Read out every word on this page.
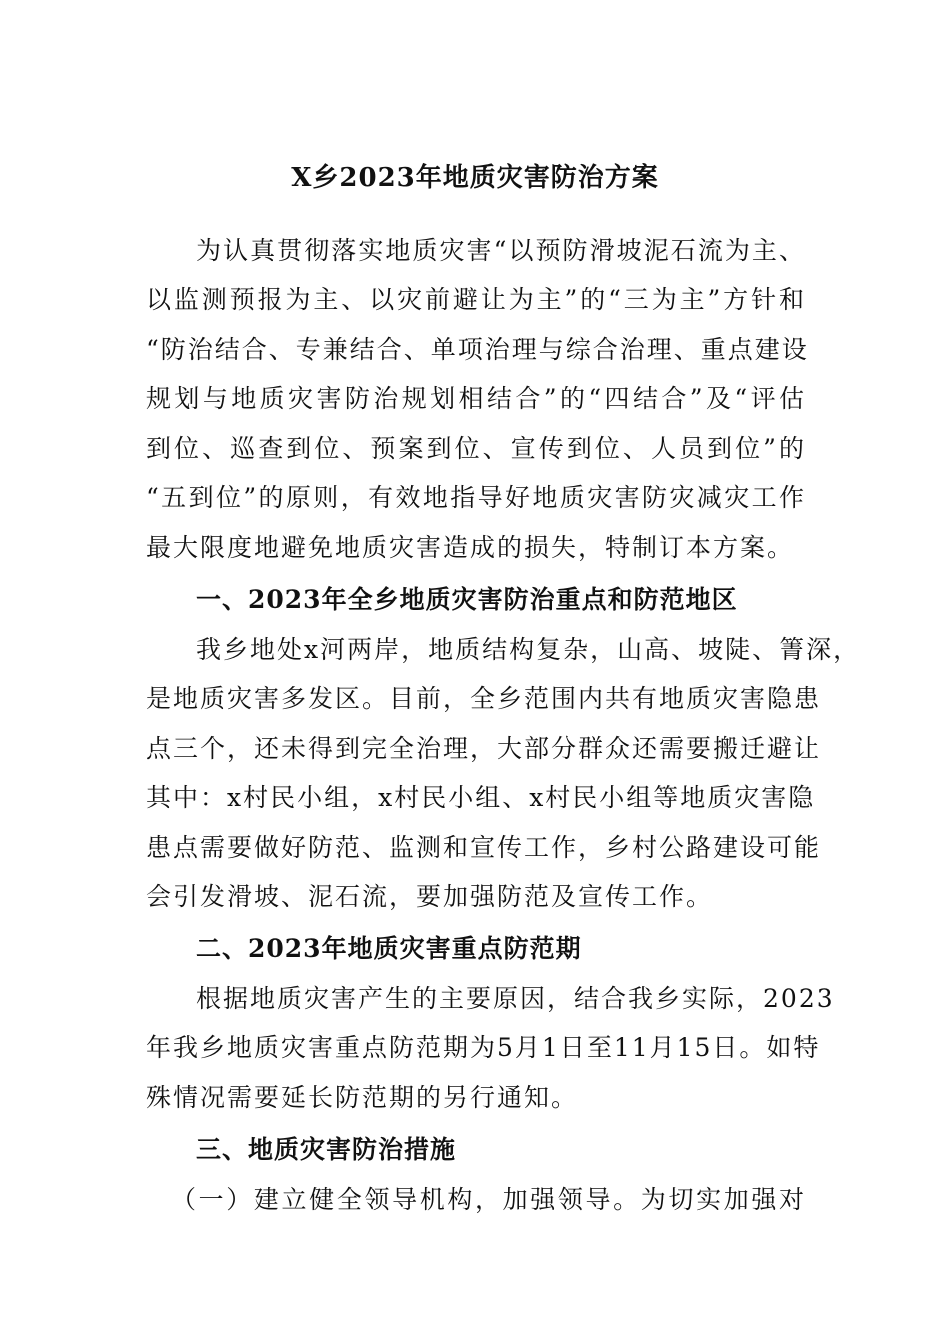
X乡2023年地质灾害防治方案
为认真贯彻落实地质灾害“以预防滑坡泥石流为主、
以监测预报为主、以灾前避让为主”的“三为主”方针和
“防治结合、专兼结合、单项治理与综合治理、重点建设
规划与地质灾害防治规划相结合”的“四结合”及“评估
到位、巡查到位、预案到位、宣传到位、人员到位”的
“五到位”的原则，有效地指导好地质灾害防灾减灾工作
最大限度地避免地质灾害造成的损失，特制订本方案。
一、2023年全乡地质灾害防治重点和防范地区
我乡地处x河两岸，地质结构复杂，山高、坡陡、箐深，
是地质灾害多发区。目前，全乡范围内共有地质灾害隐患
点三个，还未得到完全治理，大部分群众还需要搬迁避让
其中：x村民小组，x村民小组、x村民小组等地质灾害隐
患点需要做好防范、监测和宣传工作，乡村公路建设可能
会引发滑坡、泥石流，要加强防范及宣传工作。
二、2023年地质灾害重点防范期
根据地质灾害产生的主要原因，结合我乡实际，2023
年我乡地质灾害重点防范期为5月1日至11月15日。如特
殊情况需要延长防范期的另行通知。
三、地质灾害防治措施
（一）建立健全领导机构，加强领导。为切实加强对
